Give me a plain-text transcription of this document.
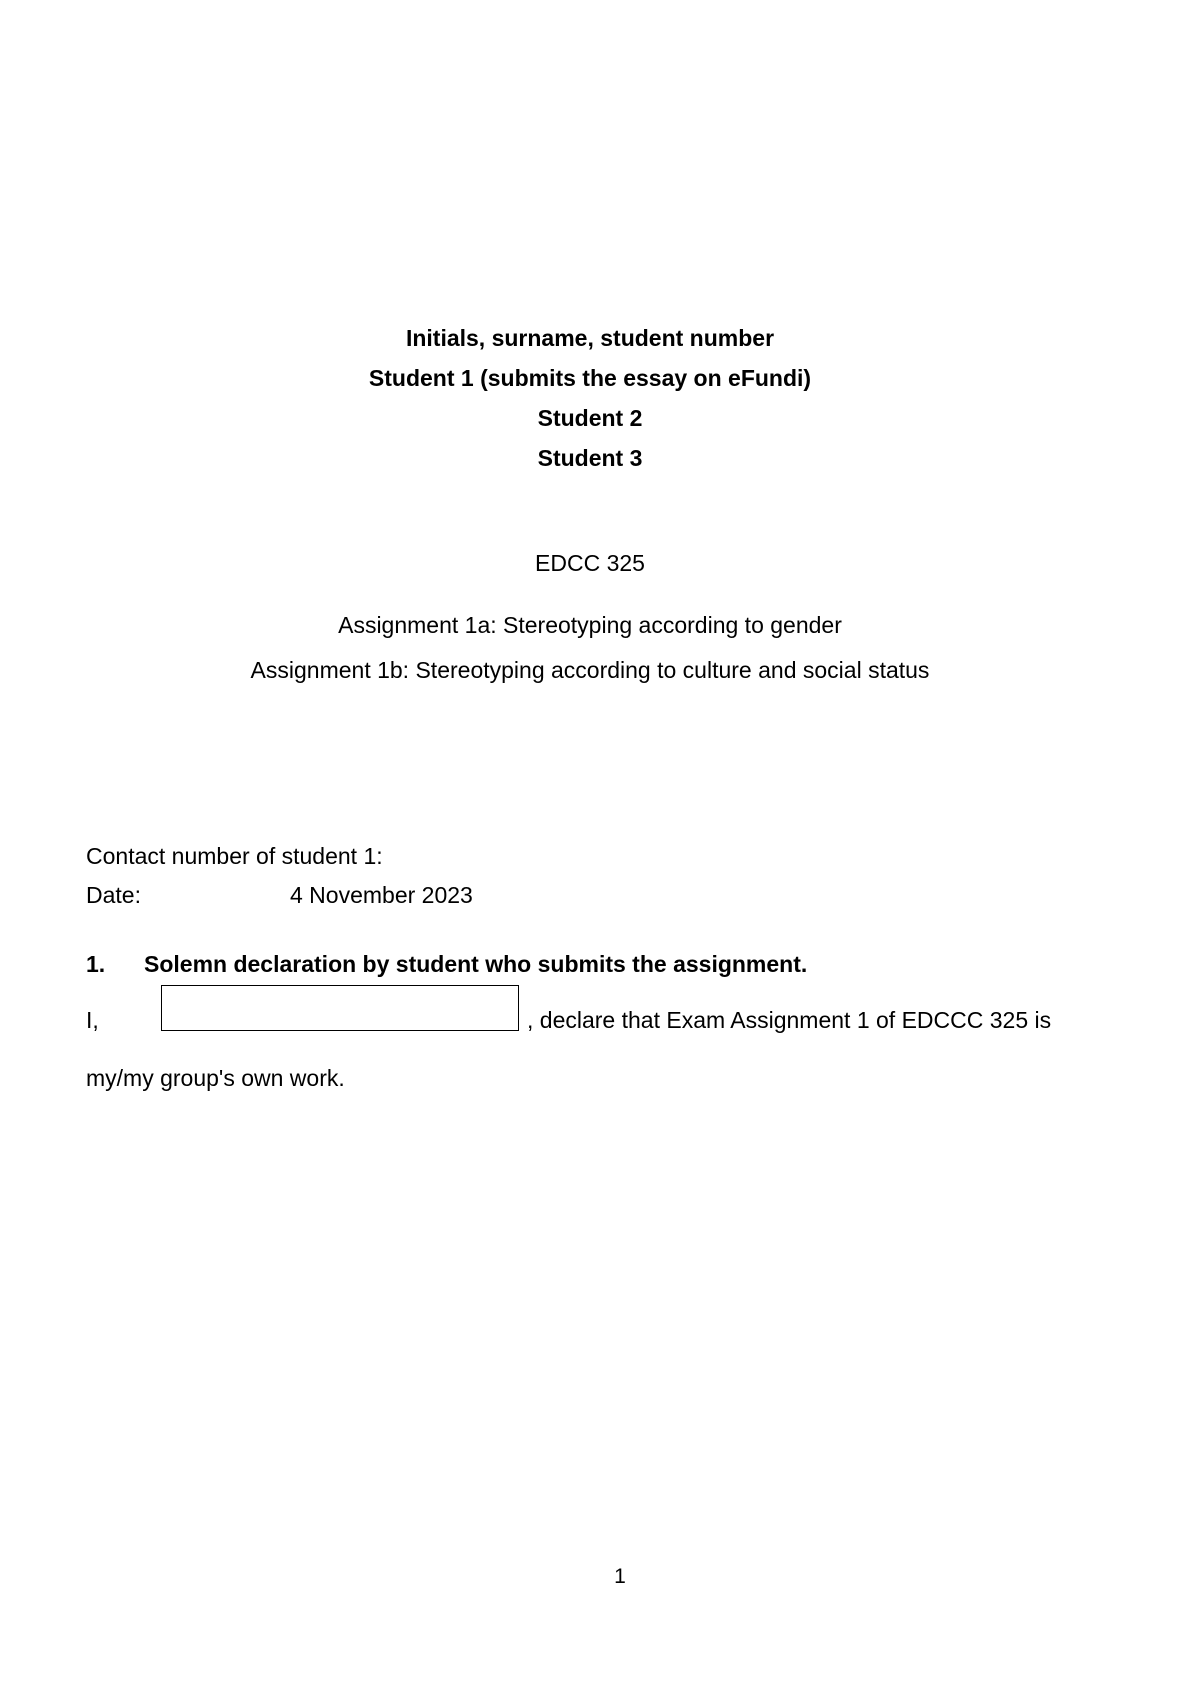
Initials, surname, student number
Student 1 (submits the essay on eFundi)
Student 2
Student 3
EDCC 325
Assignment 1a: Stereotyping according to gender
Assignment 1b: Stereotyping according to culture and social status
Contact number of student 1:
Date:	4 November 2023
1. Solemn declaration by student who submits the assignment.
I,	, declare that Exam Assignment 1 of EDCCC 325 is
my/my group's own work.
1
